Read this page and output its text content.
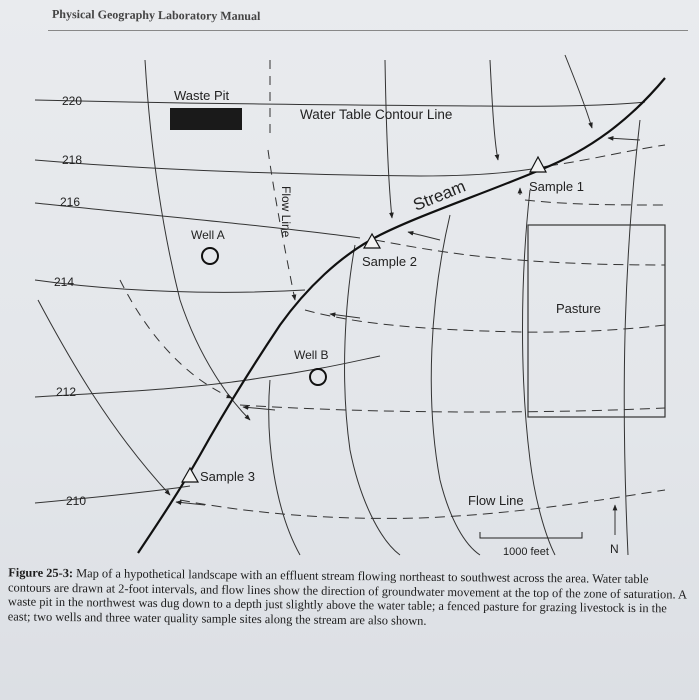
Physical Geography Laboratory Manual
220
218
216
214
212
210
Waste Pit
Water Table Contour Line
Flow Line	Stream	Sample 1
Sample 2
Sample 3
Well A
Well B
Pasture
Flow Line
1000 feet	N
Figure 25-3: Map of a hypothetical landscape with an effluent stream flowing northeast to southwest across the area. Water table contours are drawn at 2-foot intervals, and flow lines show the direction of groundwater movement at the top of the zone of saturation. A waste pit in the northwest was dug down to a depth just slightly above the water table; a fenced pasture for grazing livestock is in the east; two wells and three water quality sample sites along the stream are also shown.
